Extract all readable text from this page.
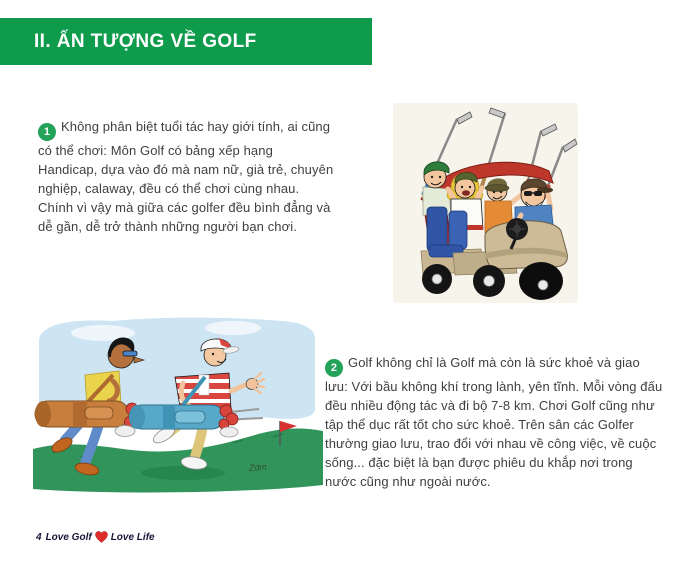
II. ẤN TƯỢNG VỀ GOLF
1 Không phân biệt tuổi tác hay giới tính, ai cũng có thể chơi: Môn Golf có bảng xếp hạng Handicap, dựa vào đó mà nam nữ, già trẻ, chuyên nghiệp, calaway, đều có thể chơi cùng nhau. Chính vì vậy mà giữa các golfer đều bình đẳng và dễ gần, dễ trở thành những người bạn chơi.
Zdm
2 Golf không chỉ là Golf mà còn là sức khoẻ và giao lưu: Với bầu không khí trong lành, yên tĩnh. Mỗi vòng đấu đều nhiều động tác và đi bộ 7-8 km. Chơi Golf cũng như tập thể dục rất tốt cho sức khoẻ. Trên sân các Golfer thường giao lưu, trao đổi với nhau về công việc, về cuộc sống... đặc biệt là bạn được phiêu du khắp nơi trong nước cũng như ngoài nước.
4 Love Golf Love Life
